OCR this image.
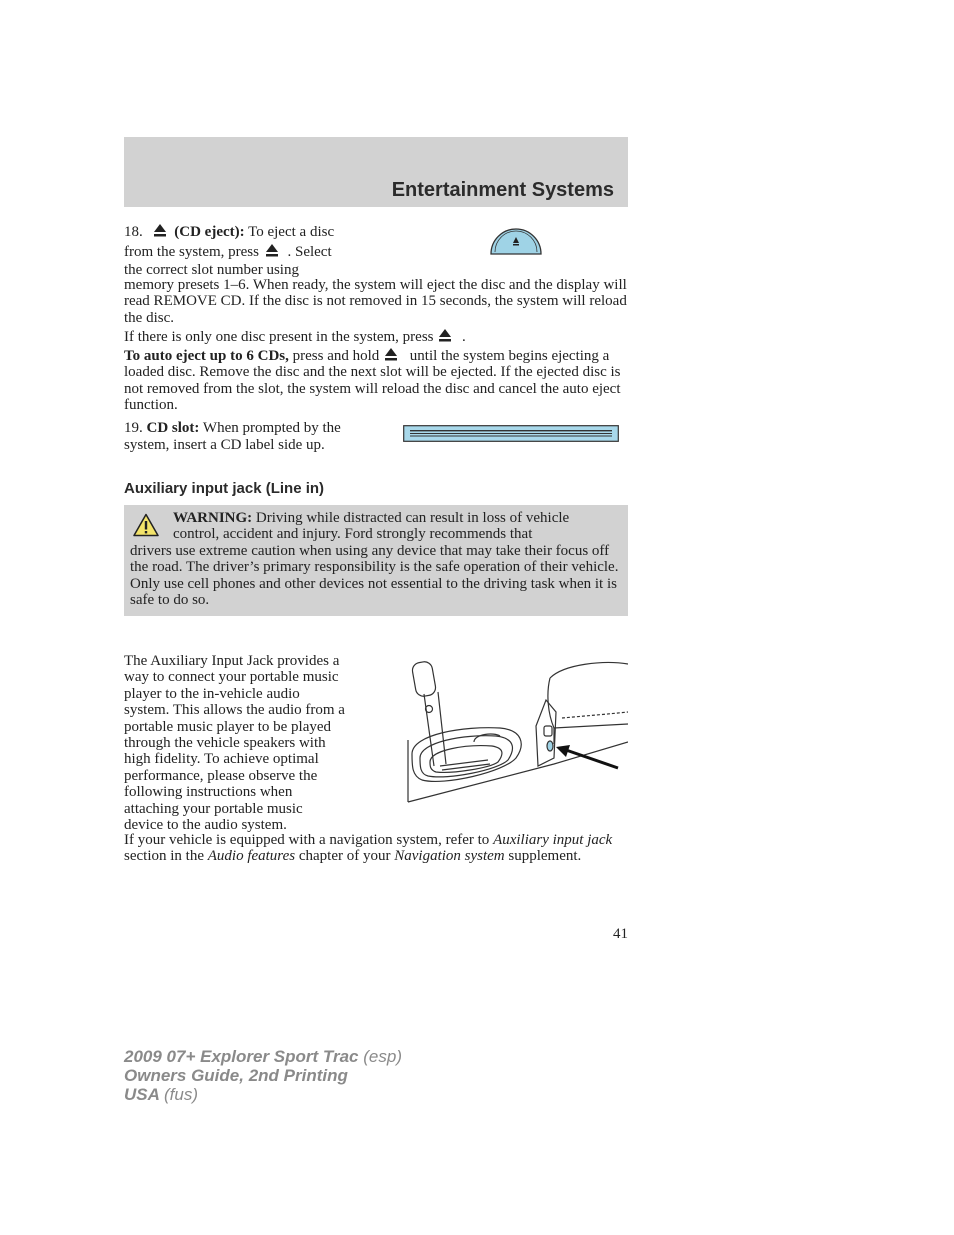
Entertainment Systems
18. (CD eject): To eject a disc
from the system, press . Select
the correct slot number using
memory presets 1–6. When ready, the system will eject the disc and the display will read REMOVE CD. If the disc is not removed in 15 seconds, the system will reload the disc.
If there is only one disc present in the system, press .
To auto eject up to 6 CDs, press and hold until the system begins ejecting a loaded disc. Remove the disc and the next slot will be ejected. If the ejected disc is not removed from the slot, the system will reload the disc and cancel the auto eject function.
19. CD slot: When prompted by the
system, insert a CD label side up.
Auxiliary input jack (Line in)
WARNING: Driving while distracted can result in loss of vehicle
control, accident and injury. Ford strongly recommends that
drivers use extreme caution when using any device that may take their focus off the road. The driver’s primary responsibility is the safe operation of their vehicle. Only use cell phones and other devices not essential to the driving task when it is safe to do so.
The Auxiliary Input Jack provides a
way to connect your portable music
player to the in-vehicle audio
system. This allows the audio from a
portable music player to be played
through the vehicle speakers with
high fidelity. To achieve optimal
performance, please observe the
following instructions when
attaching your portable music
device to the audio system.
If your vehicle is equipped with a navigation system, refer to Auxiliary input jack section in the Audio features chapter of your Navigation system supplement.
41
2009 07+ Explorer Sport Trac (esp)
Owners Guide, 2nd Printing
USA (fus)
